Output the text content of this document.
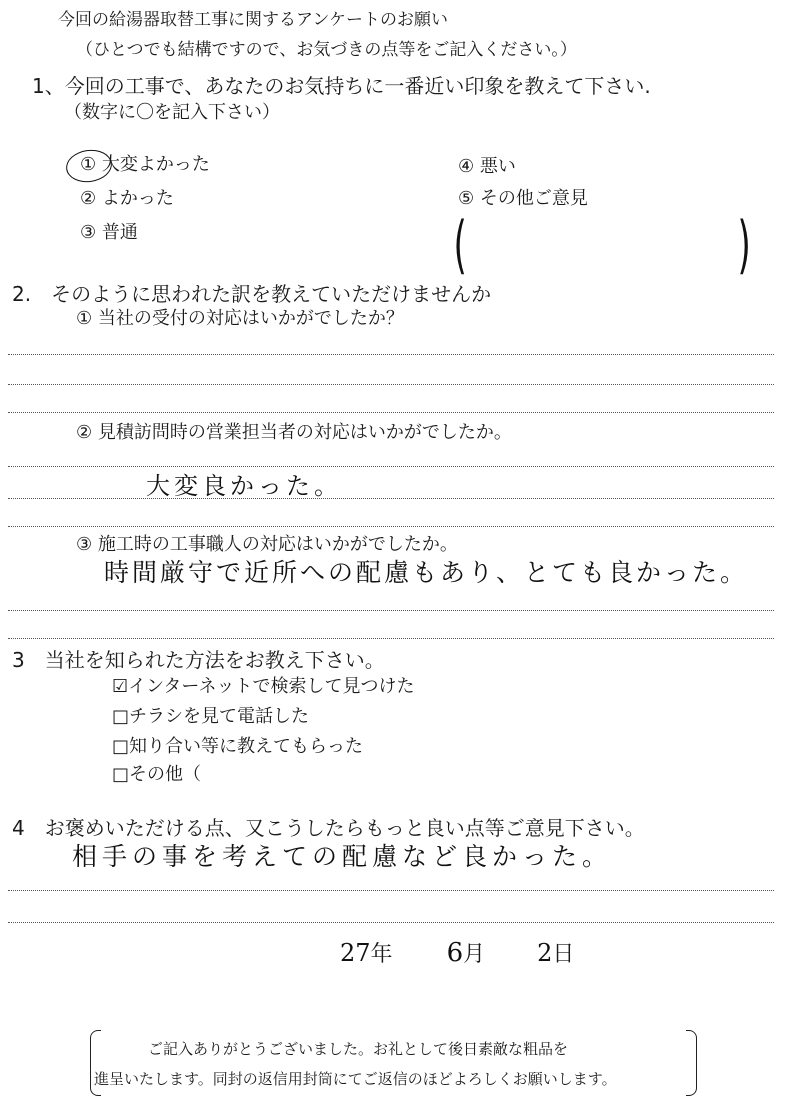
今回の給湯器取替工事に関するアンケートのお願い
（ひとつでも結構ですので、お気づきの点等をご記入ください。）
1、今回の工事で、あなたのお気持ちに一番近い印象を教えて下さい.
（数字に〇を記入下さい）
① 大変よかった
② よかった
③ 普通
④ 悪い
⑤ その他ご意見
(	)
2.　そのように思われた訳を教えていただけませんか
① 当社の受付の対応はいかがでしたか？
② 見積訪問時の営業担当者の対応はいかがでしたか。
大変良かった。
③ 施工時の工事職人の対応はいかがでしたか。
時間厳守で近所への配慮もあり、とても良かった。
3　当社を知られた方法をお教え下さい。
☑インターネットで検索して見つけた
□チラシを見て電話した
□知り合い等に教えてもらった
□その他（
4　お褒めいただける点、又こうしたらもっと良い点等ご意見下さい。
相手の事を考えての配慮など良かった。
27年 6月 2日
ご記入ありがとうございました。お礼として後日素敵な粗品を
進呈いたします。同封の返信用封筒にてご返信のほどよろしくお願いします。
